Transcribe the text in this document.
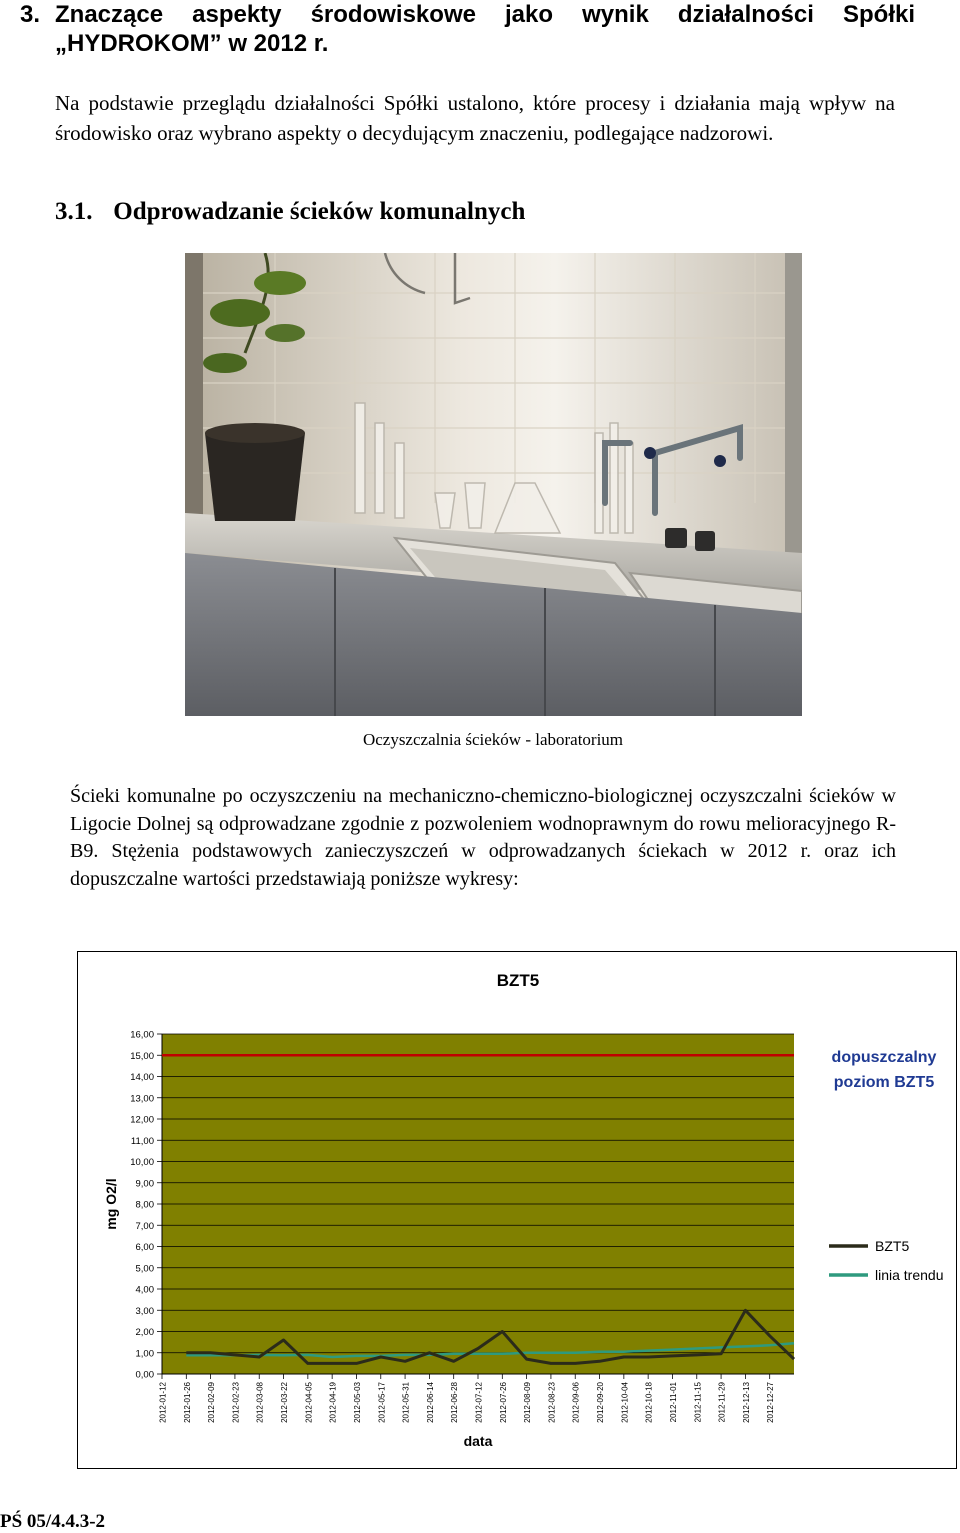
3. Znaczące aspekty środowiskowe jako wynik działalności Spółki
„HYDROKOM” w 2012 r.
Na podstawie przeglądu działalności Spółki ustalono, które procesy i działania mają wpływ na środowisko oraz wybrano aspekty o decydującym znaczeniu, podlegające nadzorowi.
3.1. Odprowadzanie ścieków komunalnych
Oczyszczalnia ścieków - laboratorium
Ścieki komunalne po oczyszczeniu na mechaniczno-chemiczno-biologicznej oczyszczalni ścieków w Ligocie Dolnej są odprowadzane zgodnie z pozwoleniem wodnoprawnym do rowu melioracyjnego R-B9. Stężenia podstawowych zanieczyszczeń w odprowadzanych ściekach w 2012 r. oraz ich dopuszczalne wartości przedstawiają poniższe wykresy:
BZT5
0,00
1,00
2,00
3,00
4,00
5,00
6,00
7,00
8,00
9,00
10,00
11,00
12,00
13,00
14,00
15,00
16,00
2012-01-12 2012-01-26 2012-02-09 2012-02-23 2012-03-08 2012-03-22 2012-04-05 2012-04-19 2012-05-03 2012-05-17 2012-05-31 2012-06-14 2012-06-28 2012-07-12 2012-07-26 2012-08-09 2012-08-23 2012-09-06 2012-09-20 2012-10-04 2012-10-18 2012-11-01 2012-11-15 2012-11-29 2012-12-13 2012-12-27
mg O2/l
data
dopuszczalny
poziom BZT5
BZT5
linia trendu
PŚ 05/4.4.3-2
